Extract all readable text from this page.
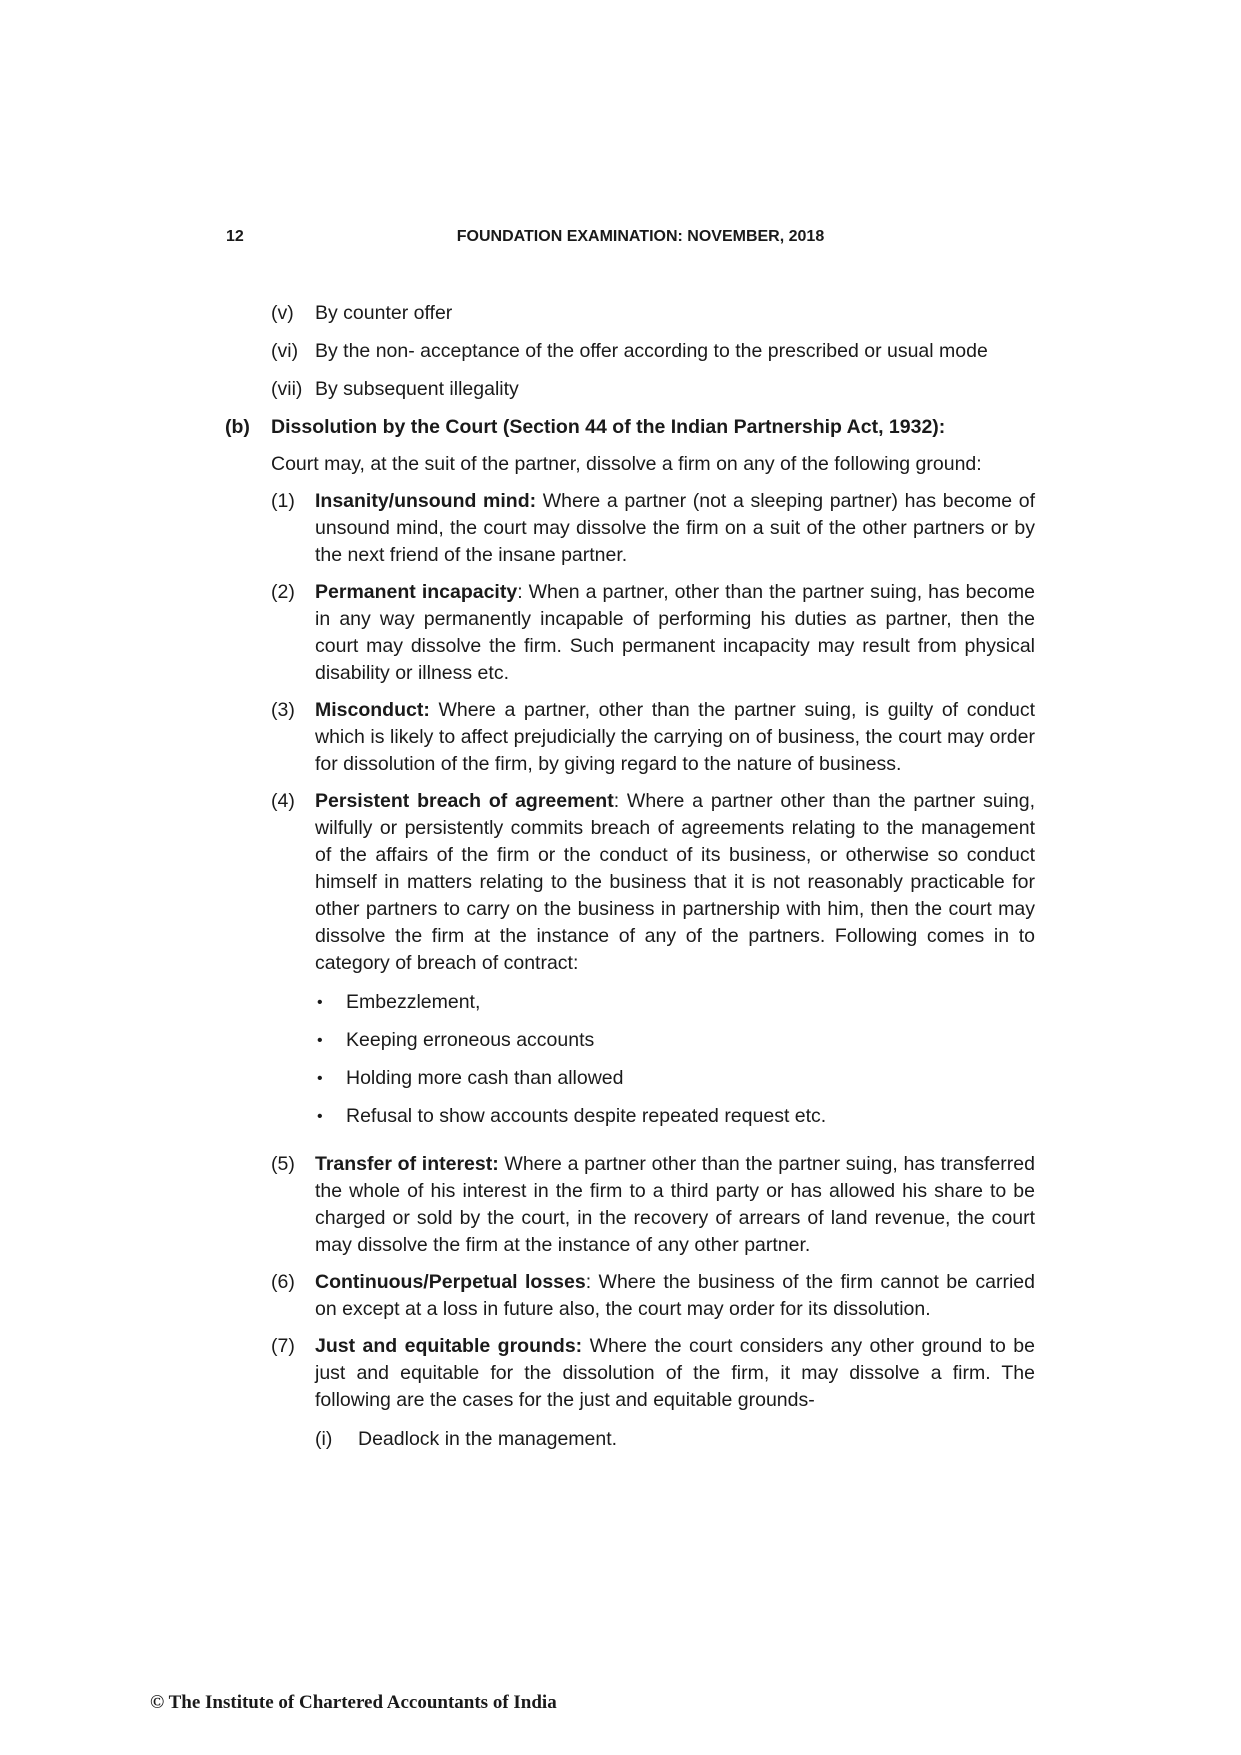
12	FOUNDATION EXAMINATION: NOVEMBER, 2018
(v)	By counter offer
(vi) By the non- acceptance of the offer according to the prescribed or usual mode
(vii) By subsequent illegality
(b)	Dissolution by the Court (Section 44 of the Indian Partnership Act, 1932):
Court may, at the suit of the partner, dissolve a firm on any of the following ground:
(1)	Insanity/unsound mind: Where a partner (not a sleeping partner) has become of unsound mind, the court may dissolve the firm on a suit of the other partners or by the next friend of the insane partner.
(2)	Permanent incapacity: When a partner, other than the partner suing, has become in any way permanently incapable of performing his duties as partner, then the court may dissolve the firm. Such permanent incapacity may result from physical disability or illness etc.
(3)	Misconduct: Where a partner, other than the partner suing, is guilty of conduct which is likely to affect prejudicially the carrying on of business, the court may order for dissolution of the firm, by giving regard to the nature of business.
(4)	Persistent breach of agreement: Where a partner other than the partner suing, wilfully or persistently commits breach of agreements relating to the management of the affairs of the firm or the conduct of its business, or otherwise so conduct himself in matters relating to the business that it is not reasonably practicable for other partners to carry on the business in partnership with him, then the court may dissolve the firm at the instance of any of the partners. Following comes in to category of breach of contract:
•	Embezzlement,
•	Keeping erroneous accounts
•	Holding more cash than allowed
•	Refusal to show accounts despite repeated request etc.
(5)	Transfer of interest: Where a partner other than the partner suing, has transferred the whole of his interest in the firm to a third party or has allowed his share to be charged or sold by the court, in the recovery of arrears of land revenue, the court may dissolve the firm at the instance of any other partner.
(6)	Continuous/Perpetual losses: Where the business of the firm cannot be carried on except at a loss in future also, the court may order for its dissolution.
(7)	Just and equitable grounds: Where the court considers any other ground to be just and equitable for the dissolution of the firm, it may dissolve a firm. The following are the cases for the just and equitable grounds-
(i)	Deadlock in the management.
© The Institute of Chartered Accountants of India
